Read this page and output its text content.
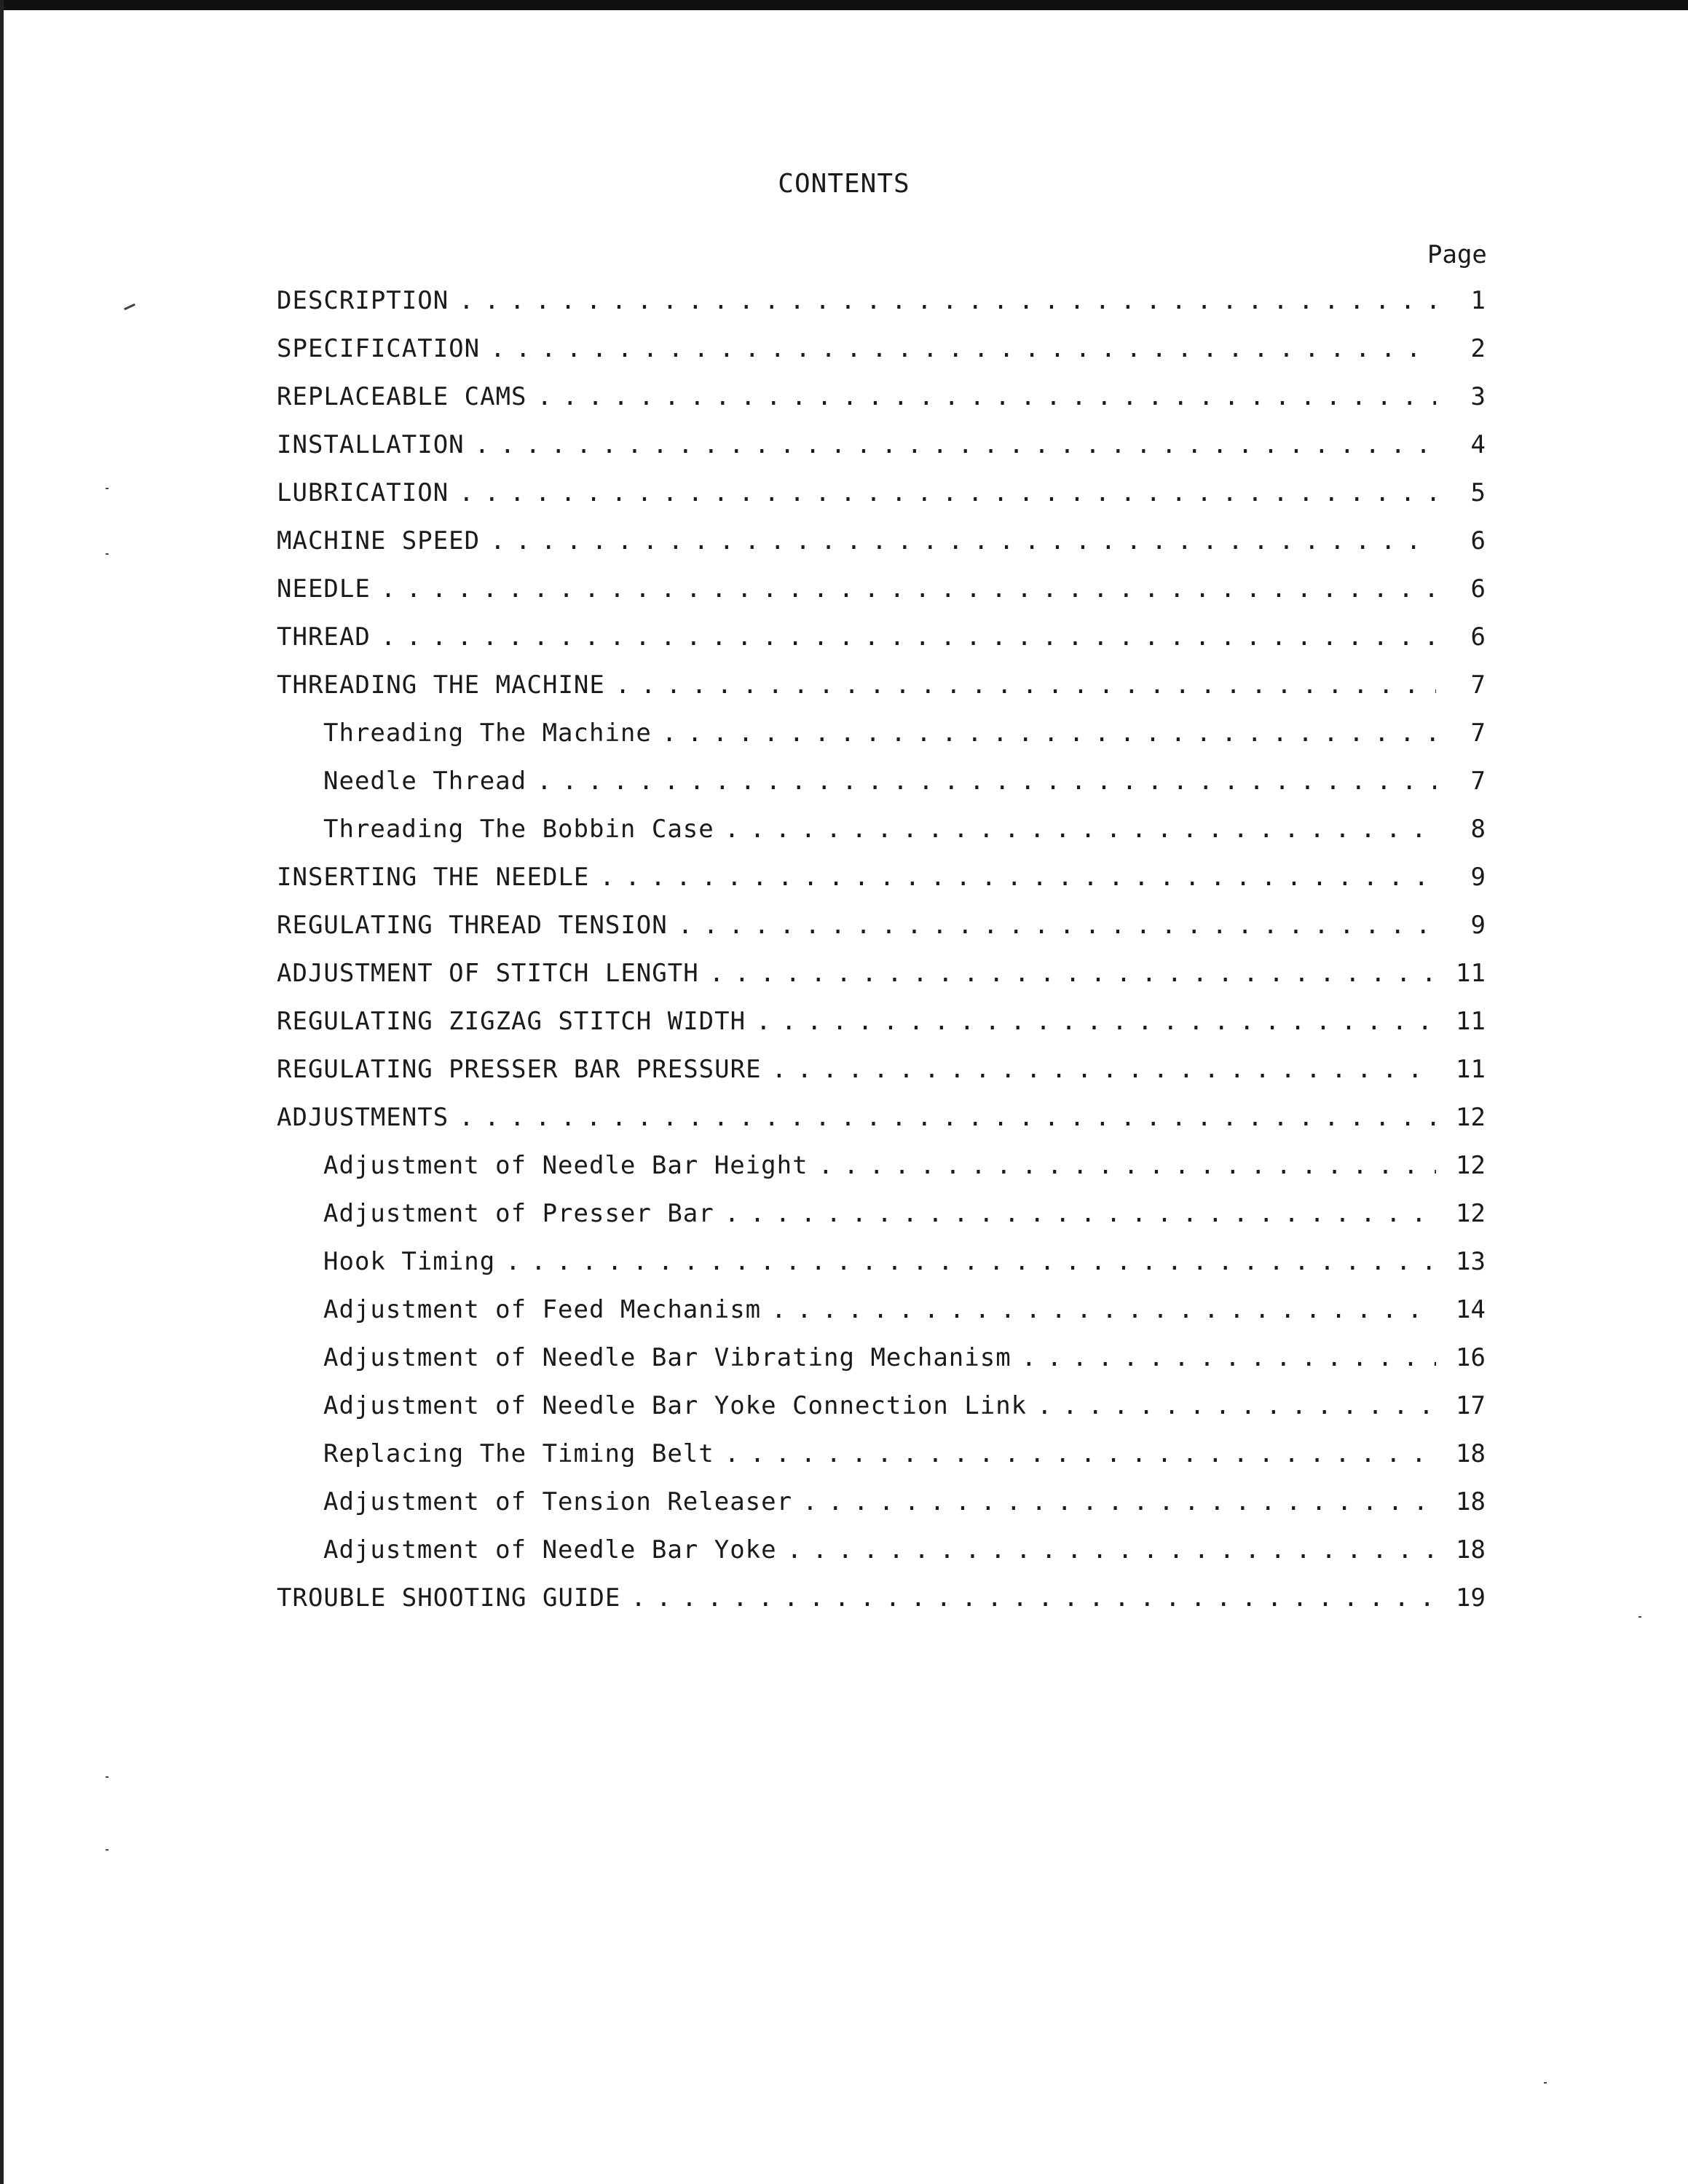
CONTENTS
Page
DESCRIPTION . . .	1
SPECIFICATION . . .	2
REPLACEABLE CAMS . . .	3
INSTALLATION . . .	4
LUBRICATION . . .	5
MACHINE SPEED . . .	6
NEEDLE . . .	6
THREAD . . .	6
THREADING THE MACHINE . . .	7
Threading The Machine . . .	7
Needle Thread . . .	7
Threading The Bobbin Case . . .	8
INSERTING THE NEEDLE . . .	9
REGULATING THREAD TENSION . . .	9
ADJUSTMENT OF STITCH LENGTH . . .	11
REGULATING ZIGZAG STITCH WIDTH . . .	11
REGULATING PRESSER BAR PRESSURE . . .	11
ADJUSTMENTS . . .	12
Adjustment of Needle Bar Height . . .	12
Adjustment of Presser Bar . . .	12
Hook Timing . . .	13
Adjustment of Feed Mechanism . . .	14
Adjustment of Needle Bar Vibrating Mechanism . . .	16
Adjustment of Needle Bar Yoke Connection Link . . .	17
Replacing The Timing Belt . . .	18
Adjustment of Tension Releaser . . .	18
Adjustment of Needle Bar Yoke . . .	18
TROUBLE SHOOTING GUIDE . . .	19
